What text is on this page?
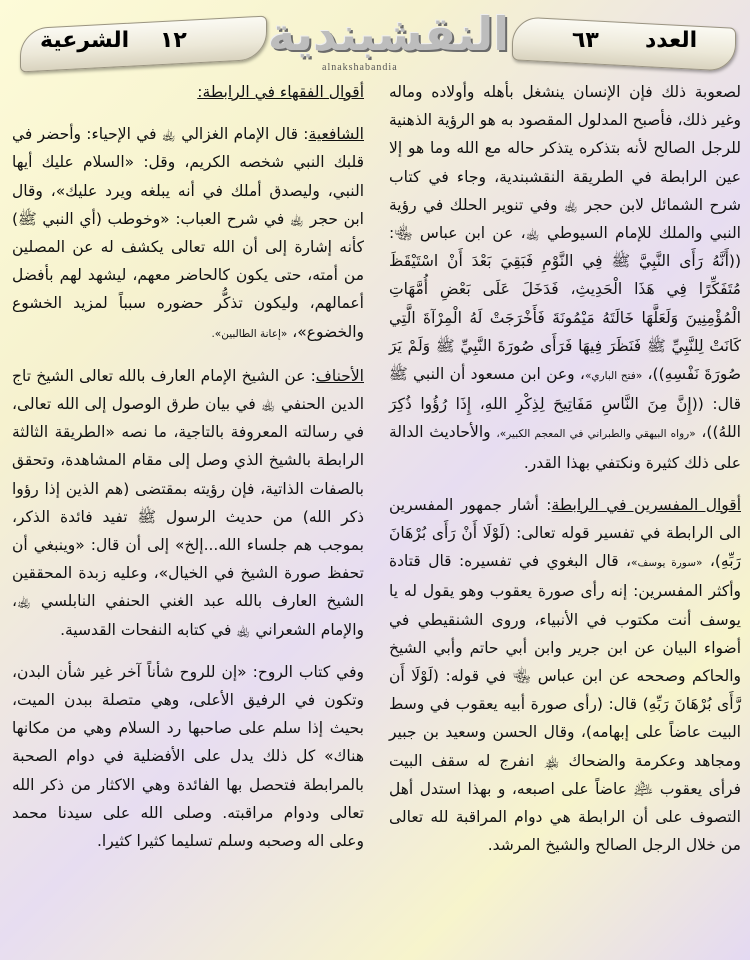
الشرعية ١٢ النقشبندية
alnakshabandia
٦٣ العدد

لصعوبة ذلك فإن الإنسان ينشغل بأهله وأولاده وماله وغير ذلك، فأصبح المدلول المقصود به هو الرؤية الذهنية للرجل الصالح لأنه بتذكره يتذكر حاله مع الله وما هو إلا عين الرابطة في الطريقة النقشبندية، وجاء في كتاب شرح الشمائل لابن حجر ﵀ وفي تنوير الحلك في رؤية النبي والملك للإمام السيوطي ﵀، عن ابن عباس ﵄: ((أَنَّهُ رَأَى النَّبِيَّ ﷺ فِي النَّوْمِ فَبَقِيَ بَعْدَ أَنْ اسْتَيْقَظَ مُتَفَكِّرًا فِي هَذَا الْحَدِيثِ، فَدَخَلَ عَلَى بَعْضِ أُمَّهَاتِ الْمُؤْمِنِينَ وَلَعَلَّهَا خَالَتَهُ مَيْمُونَةَ فَأَخْرَجَتْ لَهُ الْمِرْآةَ الَّتِي كَانَتْ لِلنَّبِيِّ ﷺ فَنَظَرَ فِيهَا فَرَأَى صُورَةَ النَّبِيِّ ﷺ وَلَمْ يَرَ صُورَةَ نَفْسِهِ))، «فتح الباري»، وعن ابن مسعود أن النبي ﷺ قال: ((إِنَّ مِنَ النَّاسِ مَفَاتِيحَ لِذِكْرِ اللهِ، إِذَا رُؤُوا ذُكِرَ اللهُ))، «رواه البيهقي والطبراني في المعجم الكبير»، والأحاديث الدالة على ذلك كثيرة ونكتفي بهذا القدر.

أقوال المفسرين في الرابطة: أشار جمهور المفسرين الى الرابطة في تفسير قوله تعالى: (لَوْلَا أَنْ رَأَى بُرْهَانَ رَبِّهِ)، «سورة يوسف»، قال البغوي في تفسيره: قال قتادة وأكثر المفسرين: إنه رأى صورة يعقوب وهو يقول له يا يوسف أنت مكتوب في الأنبياء، وروى الشنقيطي في أضواء البيان عن ابن جرير وابن أبي حاتم وأبي الشيخ والحاكم وصححه عن ابن عباس ﵄ في قوله: (لَوْلَا أَن رَّأَى بُرْهَانَ رَبِّهِ) قال: (رأى صورة أبيه يعقوب في وسط البيت عاضاً على إبهامه)، وقال الحسن وسعيد بن جبير ومجاهد وعكرمة والضحاك ﵏ انفرج له سقف البيت فرأى يعقوب ﵇ عاضاً على اصبعه، و بهذا استدل أهل التصوف على أن الرابطة هي دوام المراقبة لله تعالى من خلال الرجل الصالح والشيخ المرشد.

أقوال الفقهاء في الرابطة:

الشافعية: قال الإمام الغزالي ﵀ في الإحياء: وأحضر في قلبك النبي شخصه الكريم، وقل: «السلام عليك أيها النبي، وليصدق أملك في أنه يبلغه ويرد عليك»، وقال ابن حجر ﵀ في شرح العباب: «وخوطب (أي النبي ﷺ) كأنه إشارة إلى أن الله تعالى يكشف له عن المصلين من أمته، حتى يكون كالحاضر معهم، ليشهد لهم بأفضل أعمالهم، وليكون تذكُّر حضوره سبباً لمزيد الخشوع والخضوع»، «إعانة الطالبين».

الأحناف: عن الشيخ الإمام العارف بالله تعالى الشيخ تاج الدين الحنفي ﵀ في بيان طرق الوصول إلى الله تعالى، في رسالته المعروفة بالتاجية، ما نصه «الطريقة الثالثة الرابطة بالشيخ الذي وصل إلى مقام المشاهدة، وتحقق بالصفات الذاتية، فإن رؤيته بمقتضى (هم الذين إذا رؤوا ذكر الله) من حديث الرسول ﷺ تفيد فائدة الذكر، بموجب هم جلساء الله...إلخ» إلى أن قال: «وينبغي أن تحفظ صورة الشيخ في الخيال»، وعليه زبدة المحققين الشيخ العارف بالله عبد الغني الحنفي النابلسي ﵀، والإمام الشعراني ﵀ في كتابه النفحات القدسية.

وفي كتاب الروح: «إن للروح شأناً آخر غير شأن البدن، وتكون في الرفيق الأعلى، وهي متصلة ببدن الميت، بحيث إذا سلم على صاحبها رد السلام وهي من مكانها هناك» كل ذلك يدل على الأفضلية في دوام الصحبة بالمرابطة فتحصل بها الفائدة وهي الاكثار من ذكر الله تعالى ودوام مراقبته. وصلى الله على سيدنا محمد وعلى اله وصحبه وسلم تسليما كثيرا كثيرا.
